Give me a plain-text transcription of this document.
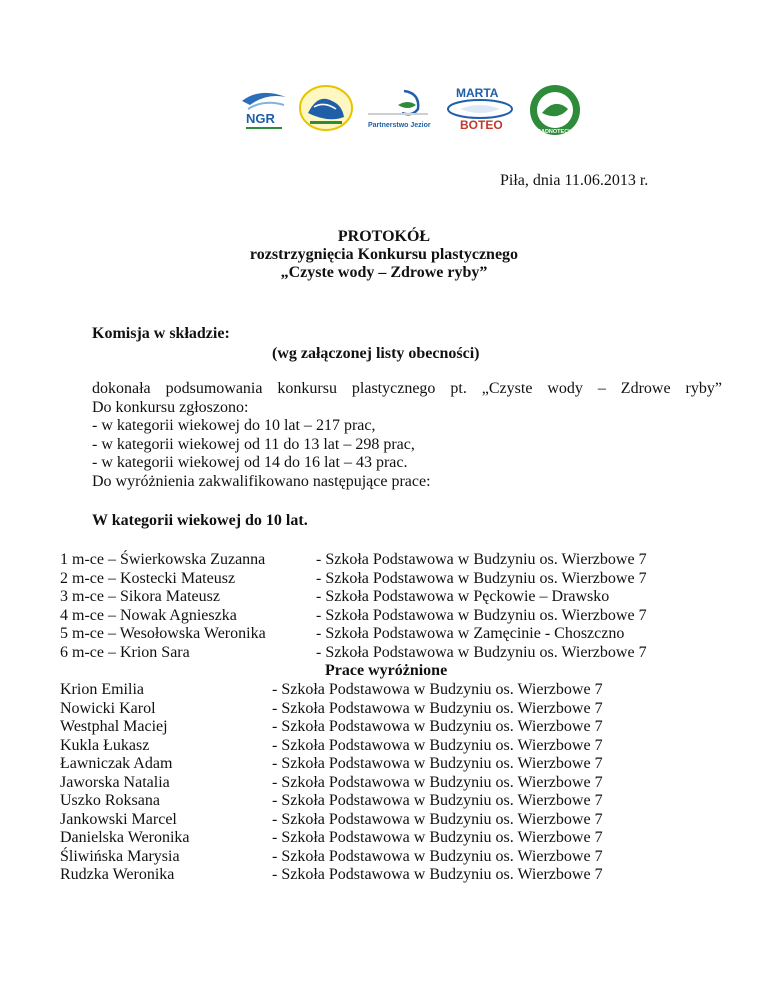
NGR	Partnerstwo Jezior
MARTA
BOTEO	RADNOTECKIE
Piła, dnia 11.06.2013 r.
PROTOKÓŁ
rozstrzygnięcia Konkursu plastycznego
„Czyste wody – Zdrowe ryby”
Komisja w składzie:
(wg załączonej listy obecności)
dokonała podsumowania konkursu plastycznego pt. „Czyste wody – Zdrowe ryby”
Do konkursu zgłoszono:
- w kategorii wiekowej do 10 lat – 217 prac,
- w kategorii wiekowej od 11 do 13 lat – 298 prac,
- w kategorii wiekowej od 14 do 16 lat – 43 prac.
Do wyróżnienia zakwalifikowano następujące prace:
W kategorii wiekowej do 10 lat.
1 m-ce – Świerkowska Zuzanna	- Szkoła Podstawowa w Budzyniu os. Wierzbowe 7
2 m-ce – Kostecki Mateusz	- Szkoła Podstawowa w Budzyniu os. Wierzbowe 7
3 m-ce – Sikora Mateusz	- Szkoła Podstawowa w Pęckowie – Drawsko
4 m-ce – Nowak Agnieszka	- Szkoła Podstawowa w Budzyniu os. Wierzbowe 7
5 m-ce – Wesołowska Weronika	- Szkoła Podstawowa w Zamęcinie - Choszczno
6 m-ce – Krion Sara	- Szkoła Podstawowa w Budzyniu os. Wierzbowe 7
Prace wyróżnione
Krion Emilia	- Szkoła Podstawowa w Budzyniu os. Wierzbowe 7
Nowicki Karol	- Szkoła Podstawowa w Budzyniu os. Wierzbowe 7
Westphal Maciej	- Szkoła Podstawowa w Budzyniu os. Wierzbowe 7
Kukla Łukasz	- Szkoła Podstawowa w Budzyniu os. Wierzbowe 7
Ławniczak Adam	- Szkoła Podstawowa w Budzyniu os. Wierzbowe 7
Jaworska Natalia	- Szkoła Podstawowa w Budzyniu os. Wierzbowe 7
Uszko Roksana	- Szkoła Podstawowa w Budzyniu os. Wierzbowe 7
Jankowski Marcel	- Szkoła Podstawowa w Budzyniu os. Wierzbowe 7
Danielska Weronika	- Szkoła Podstawowa w Budzyniu os. Wierzbowe 7
Śliwińska Marysia	- Szkoła Podstawowa w Budzyniu os. Wierzbowe 7
Rudzka Weronika	- Szkoła Podstawowa w Budzyniu os. Wierzbowe 7
